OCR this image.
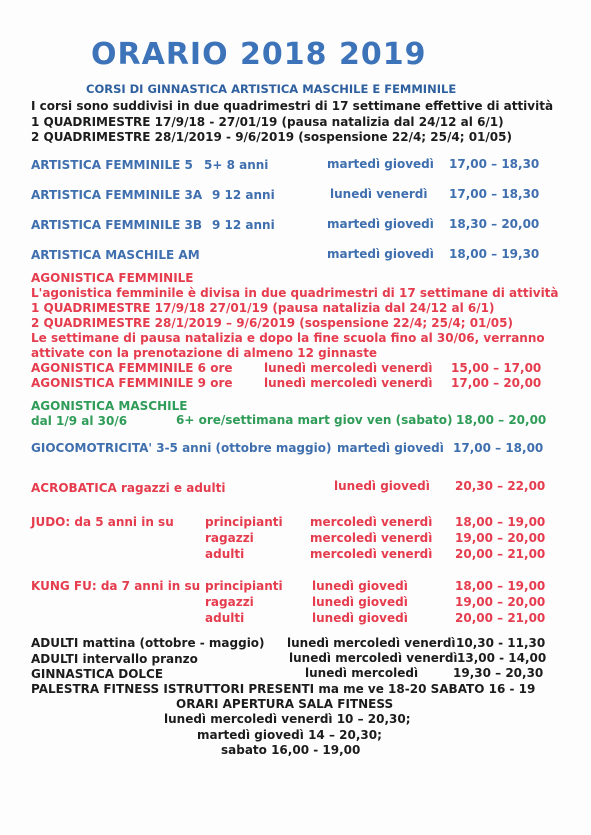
ORARIO 2018 2019
CORSI DI GINNASTICA ARTISTICA MASCHILE E FEMMINILE
I corsi sono suddivisi in due quadrimestri di 17 settimane effettive di attività
1 QUADRIMESTRE 17/9/18 - 27/01/19 (pausa natalizia dal 24/12 al 6/1)
2 QUADRIMESTRE 28/1/2019 - 9/6/2019 (sospensione 22/4; 25/4; 01/05)
ARTISTICA FEMMINILE 5 5+ 8 anni	martedì giovedì 17,00 – 18,30
ARTISTICA FEMMINILE 3A 9 12 anni	lunedì venerdì 17,00 – 18,30
ARTISTICA FEMMINILE 3B 9 12 anni	martedì giovedì 18,30 – 20,00
ARTISTICA MASCHILE AM	martedì giovedì 18,00 – 19,30
AGONISTICA FEMMINILE
L'agonistica femminile è divisa in due quadrimestri di 17 settimane di attività
1 QUADRIMESTRE 17/9/18 27/01/19 (pausa natalizia dal 24/12 al 6/1)
2 QUADRIMESTRE 28/1/2019 – 9/6/2019 (sospensione 22/4; 25/4; 01/05)
Le settimane di pausa natalizia e dopo la fine scuola fino al 30/06, verranno
attivate con la prenotazione di almeno 12 ginnaste
AGONISTICA FEMMINILE 6 ore	lunedì mercoledì venerdì 15,00 – 17,00
AGONISTICA FEMMINILE 9 ore	lunedì mercoledì venerdì 17,00 – 20,00
AGONISTICA MASCHILE
dal 1/9 al 30/6	6+ ore/settimana mart giov ven (sabato) 18,00 – 20,00
GIOCOMOTRICITA' 3-5 anni (ottobre maggio) martedì giovedì 17,00 – 18,00
ACROBATICA ragazzi e adulti	lunedì giovedì 20,30 – 22,00
JUDO: da 5 anni in su	principianti mercoledì venerdì 18,00 – 19,00
ragazzi	mercoledì venerdì 19,00 – 20,00
adulti	mercoledì venerdì 20,00 – 21,00
KUNG FU: da 7 anni in su principianti lunedì giovedì	18,00 – 19,00
ragazzi	lunedì giovedì	19,00 – 20,00
adulti	lunedì giovedì	20,00 – 21,00
ADULTI mattina (ottobre - maggio) lunedì mercoledì venerdì 10,30 - 11,30
ADULTI intervallo pranzo	lunedì mercoledì venerdì 13,00 - 14,00
GINNASTICA DOLCE	lunedì mercoledì	19,30 – 20,30
PALESTRA FITNESS ISTRUTTORI PRESENTI ma me ve 18-20 SABATO 16 - 19
ORARI APERTURA SALA FITNESS
lunedì mercoledì venerdì 10 – 20,30;
martedì giovedì 14 – 20,30;
sabato 16,00 - 19,00
